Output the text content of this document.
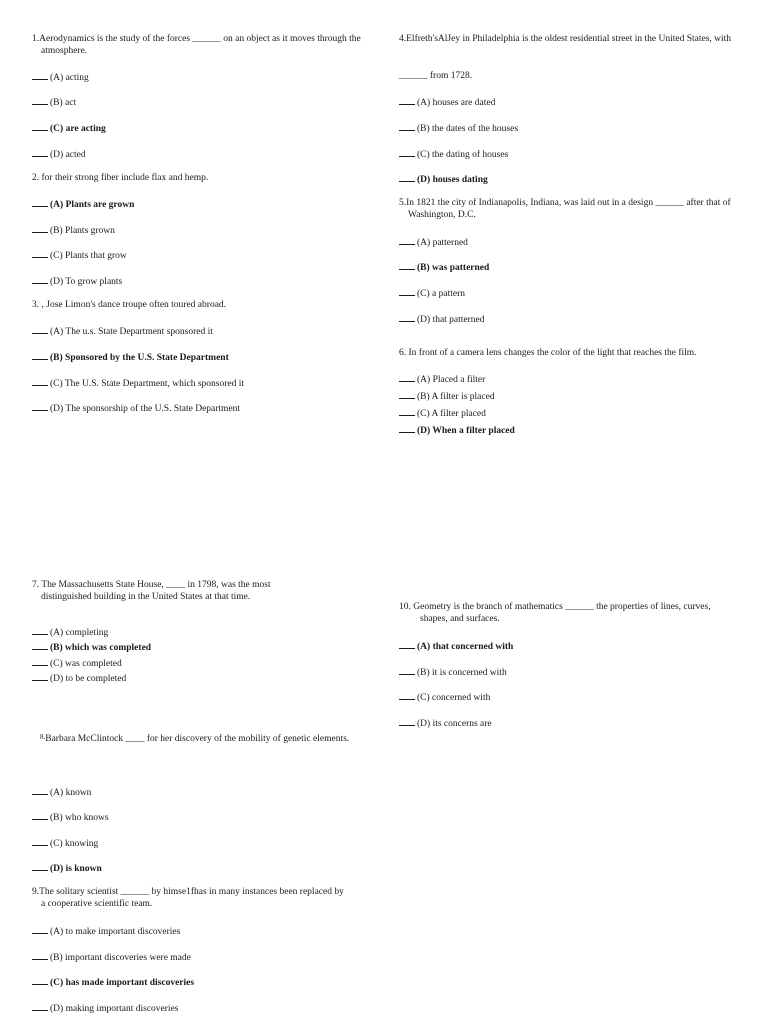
1.Aerodynamics is the study of the forces ______ on an object as it moves through the atmosphere.
(A) acting
(B) act
(C) are acting
(D) acted
2. for their strong fiber include flax and hemp.
(A) Plants are grown
(B) Plants grown
(C) Plants that grow
(D) To grow plants
3. , Jose Limon's dance troupe often toured abroad.
(A) The u.s. State Department sponsored it
(B) Sponsored by the U.S. State Department
(C) The U.S. State Department, which sponsored it
(D) The sponsorship of the U.S. State Department
4.Elfreth'sAlJey in Philadelphia is the oldest residential street in the United States, with
______ from 1728.
(A) houses are dated
(B) the dates of the houses
(C) the dating of houses
(D) houses dating
5.In 1821 the city of Indianapolis, Indiana, was laid out in a design ______ after that of Washington, D.C.
(A) patterned
(B) was patterned
(C) a pattern
(D) that patterned
6. In front of a camera lens changes the color of the light that reaches the film.
(A) Placed a filter
(B) A filter is placed
(C) A filter placed
(D) When a filter placed
7. The Massachusetts State House, ____ in 1798, was the most distinguished building in the United States at that time.
(A) completing
(B) which was completed
(C) was completed
(D) to be completed
$^{8.}$Barbara McClintock ____ for her discovery of the mobility of genetic elements.
(A) known
(B) who knows
(C) knowing
(D) is known
9.The solitary scientist ______ by himse1fhas in many instances been replaced by a cooperative scientific team.
(A) to make important discoveries
(B) important discoveries were made
(C) has made important discoveries
(D) making important discoveries
10. Geometry is the branch of mathematics ______ the properties of lines, curves, shapes, and surfaces.
(A) that concerned with
(B) it is concerned with
(C) concerned with
(D) its concerns are
